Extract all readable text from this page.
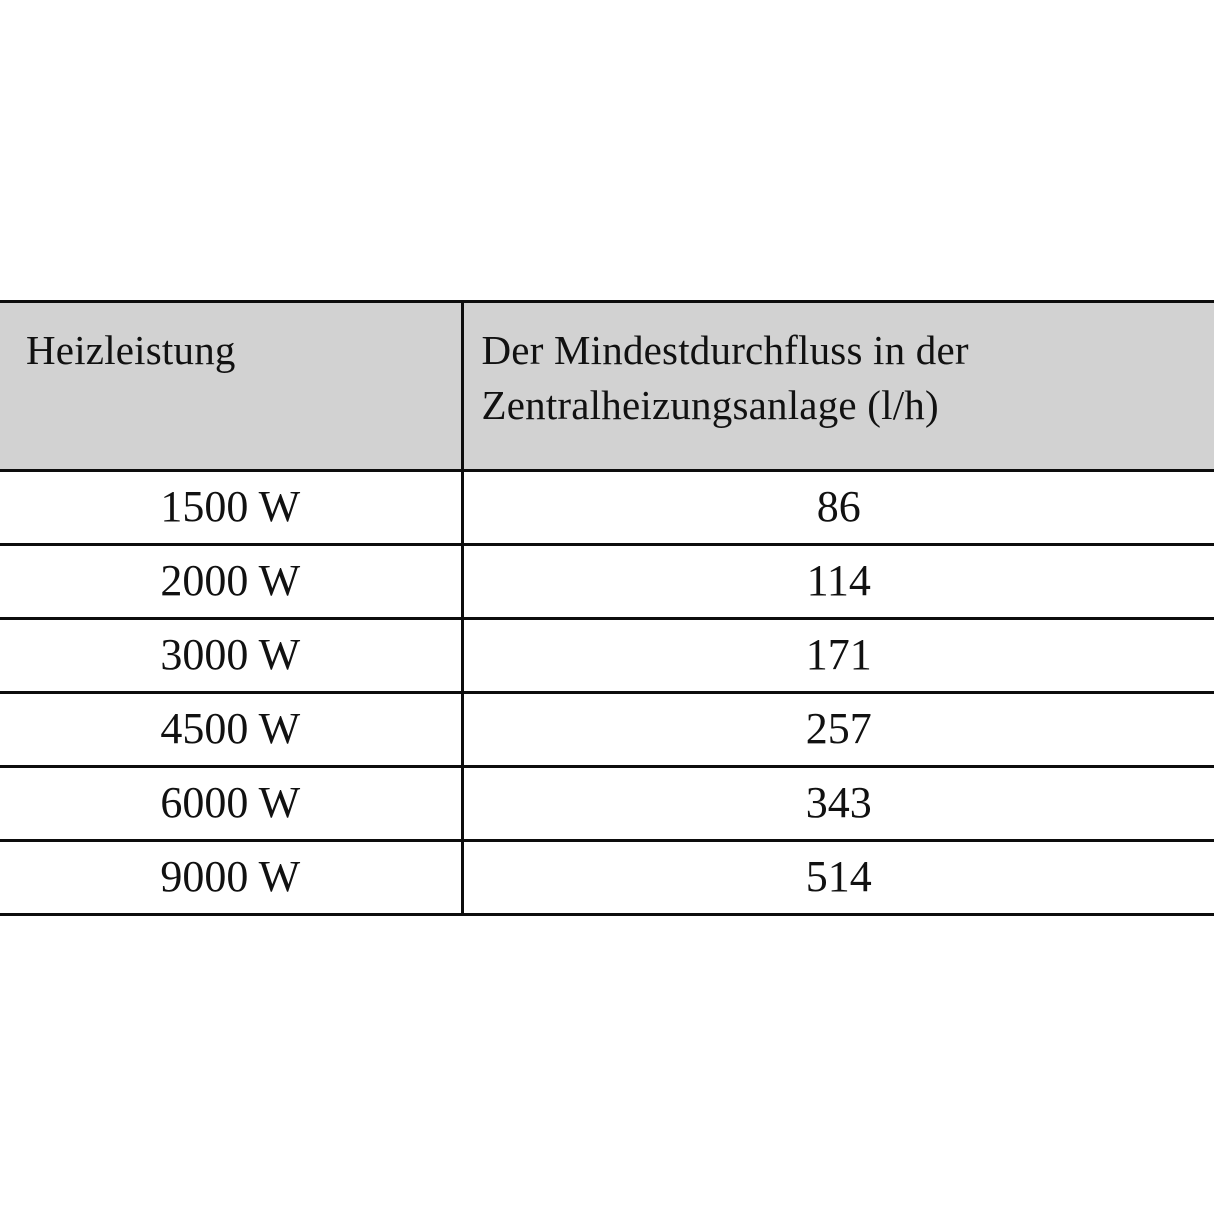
Heizleistung	Der Mindestdurchfluss in der
Zentralheizungsanlage (l/h)

1500 W	86
2000 W	114
3000 W	171
4500 W	257
6000 W	343
9000 W	514
